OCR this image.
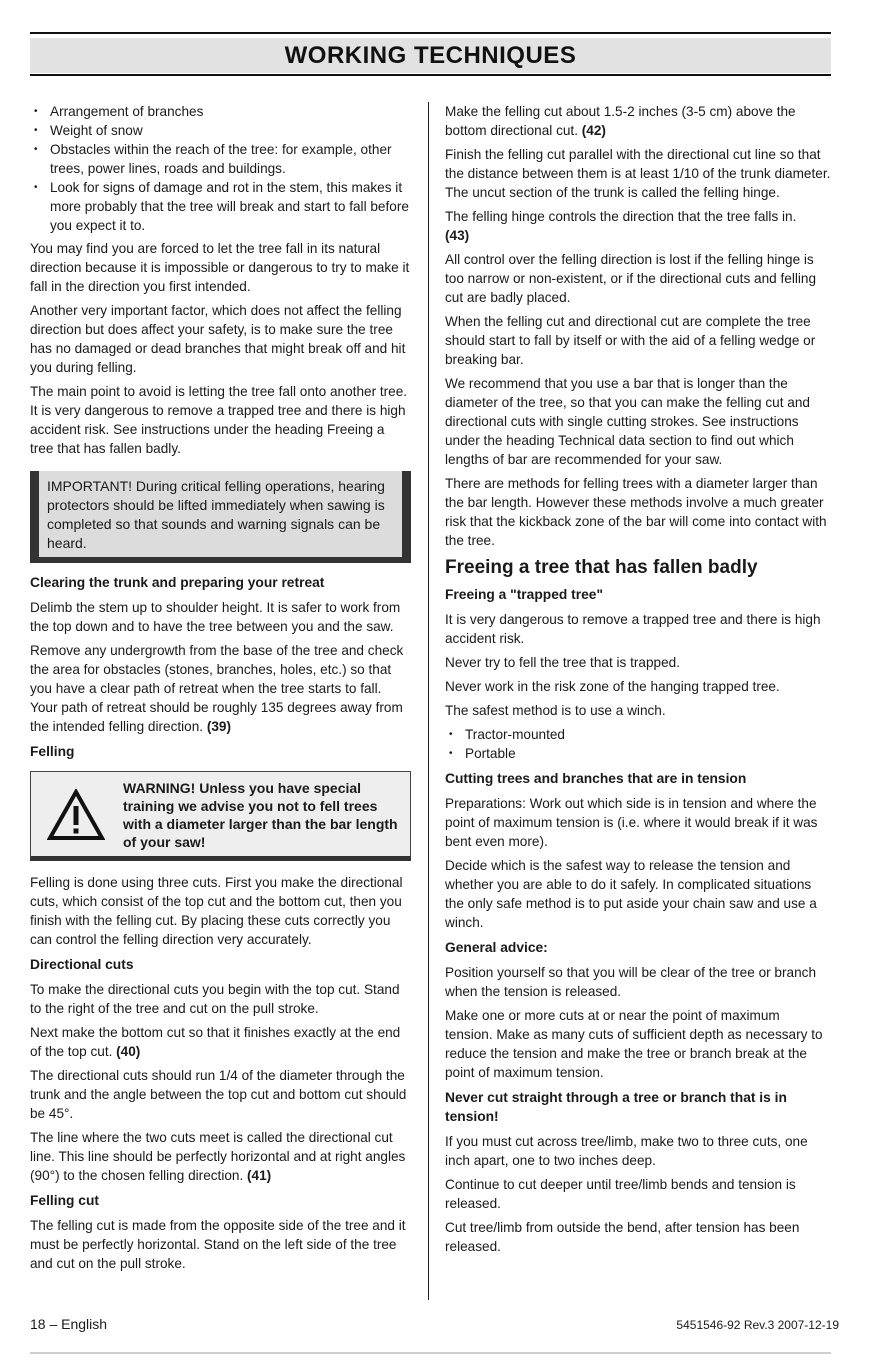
WORKING TECHNIQUES
• Arrangement of branches
• Weight of snow
• Obstacles within the reach of the tree: for example, other trees, power lines, roads and buildings.
• Look for signs of damage and rot in the stem, this makes it more probably that the tree will break and start to fall before you expect it to.

You may find you are forced to let the tree fall in its natural direction because it is impossible or dangerous to try to make it fall in the direction you first intended.

Another very important factor, which does not affect the felling direction but does affect your safety, is to make sure the tree has no damaged or dead branches that might break off and hit you during felling.

The main point to avoid is letting the tree fall onto another tree. It is very dangerous to remove a trapped tree and there is high accident risk. See instructions under the heading Freeing a tree that has fallen badly.

IMPORTANT! During critical felling operations, hearing protectors should be lifted immediately when sawing is completed so that sounds and warning signals can be heard.
Clearing the trunk and preparing your retreat

Delimb the stem up to shoulder height. It is safer to work from the top down and to have the tree between you and the saw.

Remove any undergrowth from the base of the tree and check the area for obstacles (stones, branches, holes, etc.) so that you have a clear path of retreat when the tree starts to fall. Your path of retreat should be roughly 135 degrees away from the intended felling direction. (39)

Felling
WARNING! Unless you have special training we advise you not to fell trees with a diameter larger than the bar length of your saw!

Felling is done using three cuts. First you make the directional cuts, which consist of the top cut and the bottom cut, then you finish with the felling cut. By placing these cuts correctly you can control the felling direction very accurately.

Directional cuts

To make the directional cuts you begin with the top cut. Stand to the right of the tree and cut on the pull stroke.

Next make the bottom cut so that it finishes exactly at the end of the top cut. (40)

The directional cuts should run 1/4 of the diameter through the trunk and the angle between the top cut and bottom cut should be 45°.

The line where the two cuts meet is called the directional cut line. This line should be perfectly horizontal and at right angles (90°) to the chosen felling direction. (41)

Felling cut

The felling cut is made from the opposite side of the tree and it must be perfectly horizontal. Stand on the left side of the tree and cut on the pull stroke.

Make the felling cut about 1.5-2 inches (3-5 cm) above the bottom directional cut. (42)

Finish the felling cut parallel with the directional cut line so that the distance between them is at least 1/10 of the trunk diameter. The uncut section of the trunk is called the felling hinge.

The felling hinge controls the direction that the tree falls in.
(43)

All control over the felling direction is lost if the felling hinge is too narrow or non-existent, or if the directional cuts and felling cut are badly placed.

When the felling cut and directional cut are complete the tree should start to fall by itself or with the aid of a felling wedge or breaking bar.

We recommend that you use a bar that is longer than the diameter of the tree, so that you can make the felling cut and directional cuts with single cutting strokes. See instructions under the heading Technical data section to find out which lengths of bar are recommended for your saw.

There are methods for felling trees with a diameter larger than the bar length. However these methods involve a much greater risk that the kickback zone of the bar will come into contact with the tree.

Freeing a tree that has fallen badly
Freeing a "trapped tree"

It is very dangerous to remove a trapped tree and there is high accident risk.

Never try to fell the tree that is trapped.

Never work in the risk zone of the hanging trapped tree.

The safest method is to use a winch.

• Tractor-mounted
• Portable
Cutting trees and branches that are in tension

Preparations: Work out which side is in tension and where the point of maximum tension is (i.e. where it would break if it was bent even more).

Decide which is the safest way to release the tension and whether you are able to do it safely. In complicated situations the only safe method is to put aside your chain saw and use a winch.

General advice:

Position yourself so that you will be clear of the tree or branch when the tension is released.

Make one or more cuts at or near the point of maximum tension. Make as many cuts of sufficient depth as necessary to reduce the tension and make the tree or branch break at the point of maximum tension.

Never cut straight through a tree or branch that is in tension!

If you must cut across tree/limb, make two to three cuts, one inch apart, one to two inches deep.

Continue to cut deeper until tree/limb bends and tension is released.

Cut tree/limb from outside the bend, after tension has been released.

18 – English	5451546-92 Rev.3 2007-12-19
